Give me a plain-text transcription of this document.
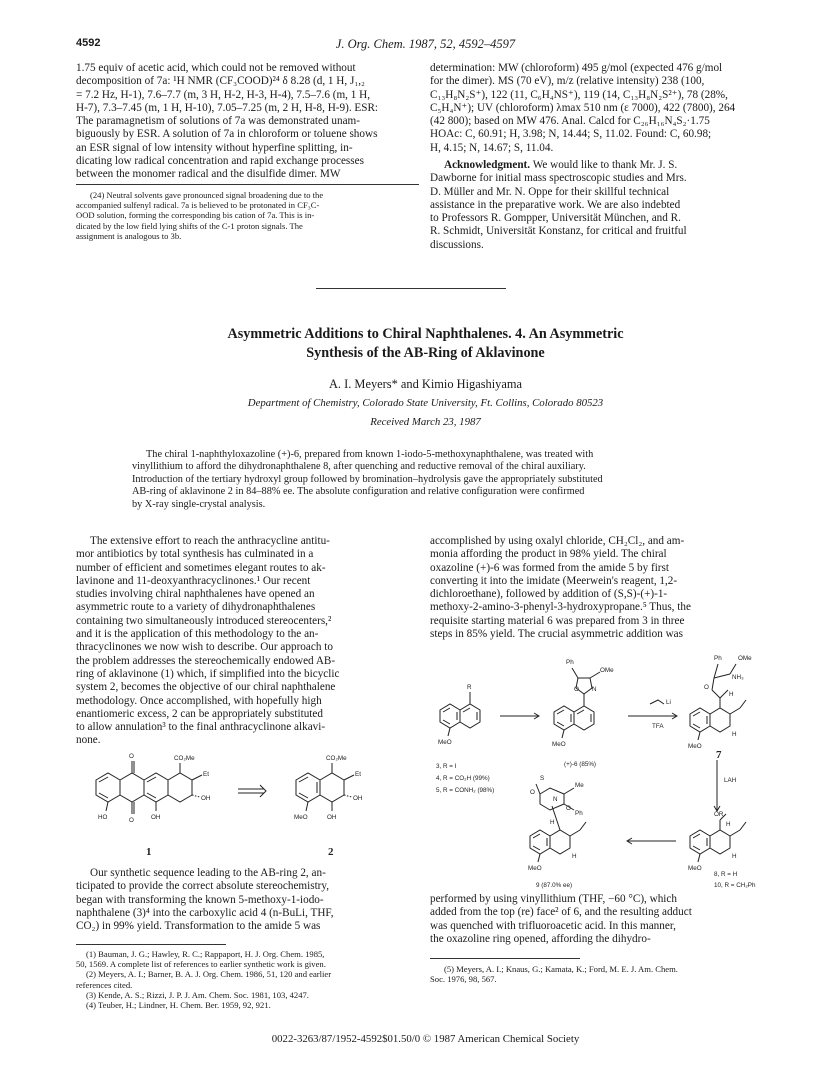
4592	J. Org. Chem. 1987, 52, 4592–4597
1.75 equiv of acetic acid, which could not be removed without
decomposition of 7a: ¹H NMR (CF₃COOD)²⁴ δ 8.28 (d, 1 H, J₁,₂
= 7.2 Hz, H-1), 7.6–7.7 (m, 3 H, H-2, H-3, H-4), 7.5–7.6 (m, 1 H,
H-7), 7.3–7.45 (m, 1 H, H-10), 7.05–7.25 (m, 2 H, H-8, H-9). ESR:
The paramagnetism of solutions of 7a was demonstrated unam-
biguously by ESR. A solution of 7a in chloroform or toluene shows
an ESR signal of low intensity without hyperfine splitting, in-
dicating low radical concentration and rapid exchange processes
between the monomer radical and the disulfide dimer. MW
(24) Neutral solvents gave pronounced signal broadening due to the
accompanied sulfenyl radical. 7a is believed to be protonated in CF₃C-
OOD solution, forming the corresponding bis cation of 7a. This is in-
dicated by the low field lying shifts of the C-1 proton signals. The
assignment is analogous to 3b.
determination: MW (chloroform) 495 g/mol (expected 476 g/mol
for the dimer). MS (70 eV), m/z (relative intensity) 238 (100,
C₁₃H₈N₂S⁺), 122 (11, C₆H₄NS⁺), 119 (14, C₁₃H₈N₂S²⁺), 78 (28%,
C₅H₄N⁺); UV (chloroform) λmax 510 nm (ε 7000), 422 (7800), 264
(42 800); based on MW 476. Anal. Calcd for C₂₆H₁₆N₄S₂·1.75
HOAc: C, 60.91; H, 3.98; N, 14.44; S, 11.02. Found: C, 60.98;
H, 4.15; N, 14.67; S, 11.04.
Acknowledgment. We would like to thank Mr. J. S.
Dawborne for initial mass spectroscopic studies and Mrs.
D. Müller and Mr. N. Oppe for their skillful technical
assistance in the preparative work. We are also indebted
to Professors R. Gompper, Universität München, and R.
R. Schmidt, Universität Konstanz, for critical and fruitful
discussions.
Asymmetric Additions to Chiral Naphthalenes. 4. An Asymmetric
Synthesis of the AB-Ring of Aklavinone
A. I. Meyers* and Kimio Higashiyama
Department of Chemistry, Colorado State University, Ft. Collins, Colorado 80523
Received March 23, 1987
The chiral 1-naphthyloxazoline (+)-6, prepared from known 1-iodo-5-methoxynaphthalene, was treated with
vinyllithium to afford the dihydronaphthalene 8, after quenching and reductive removal of the chiral auxiliary.
Introduction of the tertiary hydroxyl group followed by bromination–hydrolysis gave the appropriately substituted
AB-ring of aklavinone 2 in 84–88% ee. The absolute configuration and relative configuration were confirmed
by X-ray single-crystal analysis.
The extensive effort to reach the anthracycline antitu-
mor antibiotics by total synthesis has culminated in a
number of efficient and sometimes elegant routes to ak-
lavinone and 11-deoxyanthracyclinones.¹ Our recent
studies involving chiral naphthalenes have opened an
asymmetric route to a variety of dihydronaphthalenes
containing two simultaneously introduced stereocenters,²
and it is the application of this methodology to the an-
thracyclinones we now wish to describe. Our approach to
the problem addresses the stereochemically endowed AB-
ring of aklavinone (1) which, if simplified into the bicyclic
system 2, becomes the objective of our chiral naphthalene
methodology. Once accomplished, with hopefully high
enantiomeric excess, 2 can be appropriately substituted
to allow annulation³ to the final anthracyclinone alkavi-
none.
O
O
CO₂Me
Et
OH
HO	OH
CO₂Me
Et
OH
MeO	OH
1	2
Our synthetic sequence leading to the AB-ring 2, an-
ticipated to provide the correct absolute stereochemistry,
began with transforming the known 5-methoxy-1-iodo-
naphthalene (3)⁴ into the carboxylic acid 4 (n-BuLi, THF,
CO₂) in 99% yield. Transformation to the amide 5 was
(1) Bauman, J. G.; Hawley, R. C.; Rappaport, H. J. Org. Chem. 1985,
50, 1569. A complete list of references to earlier synthetic work is given.
(2) Meyers, A. I.; Barner, B. A. J. Org. Chem. 1986, 51, 120 and earlier
references cited.
(3) Kende, A. S.; Rizzi, J. P. J. Am. Chem. Soc. 1981, 103, 4247.
(4) Teuber, H.; Lindner, H. Chem. Ber. 1959, 92, 921.
accomplished by using oxalyl chloride, CH₂Cl₂, and am-
monia affording the product in 98% yield. The chiral
oxazoline (+)-6 was formed from the amide 5 by first
converting it into the imidate (Meerwein's reagent, 1,2-
dichloroethane), followed by addition of (S,S)-(+)-1-
methoxy-2-amino-3-phenyl-3-hydroxypropane.⁵ Thus, the
requisite starting material 6 was prepared from 3 in three
steps in 85% yield. The crucial asymmetric addition was
R
MeO
3, R = I
4, R = CO₂H (99%)
5, R = CONH₂ (98%)
Ph
OMe
O N
MeO
(+)-6 (85%)
Li
TFA
Ph	OMe
NH₃
O
H
H
MeO
7
LAH
OR
H
H
MeO
8, R = H
10, R = CH₂Ph
S
O
O
N
Me
Ph
H
H
MeO
9 (87.0% ee)
performed by using vinyllithium (THF, −60 °C), which
added from the top (re) face² of 6, and the resulting adduct
was quenched with trifluoroacetic acid. In this manner,
the oxazoline ring opened, affording the dihydro-
(5) Meyers, A. I.; Knaus, G.; Kamata, K.; Ford, M. E. J. Am. Chem.
Soc. 1976, 98, 567.
0022-3263/87/1952-4592$01.50/0 © 1987 American Chemical Society
